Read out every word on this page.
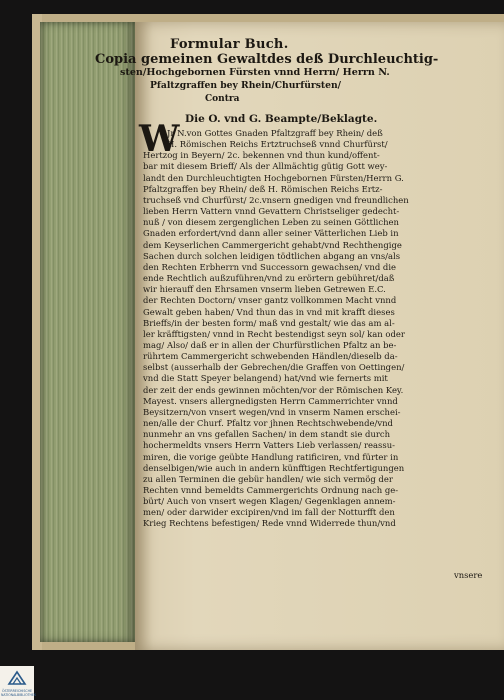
Formular Buch.
Copia gemeinen Gewaltdes deß Durchleuchtig-
sten/Hochgebornen Fürsten vnnd Herrn/ Herrn N.
Pfaltzgraffen bey Rhein/Churfürsten/
Contra
Die O. vnd G. Beampte/Beklagte.
W
Jr N.von Gottes Gnaden Pfaltzgraff bey Rhein/ deß
H. Römischen Reichs Ertztruchseß vnnd Churfürst/
Hertzog in Beyern/ 2c. bekennen vnd thun kund/offent-
bar mit diesem Brieff/ Als der Allmächtig gütig Gott wey-
landt den Durchleuchtigten Hochgebornen Fürsten/Herrn G.
Pfaltzgraffen bey Rhein/ deß H. Römischen Reichs Ertz-
truchseß vnd Churfürst/ 2c.vnsern gnedigen vnd freundlichen
lieben Herrn Vattern vnnd Gevattern Christseliger gedecht-
nuß / von diesem zergenglichen Leben zu seinen Göttlichen
Gnaden erfordert/vnd dann aller seiner Vätterlichen Lieb in
dem Keyserlichen Cammergericht gehabt/vnd Rechthengige
Sachen durch solchen leidigen tödtlichen abgang an vns/als
den Rechten Erbherrn vnd Successorn gewachsen/ vnd die
ende Rechtlich außzuführen/vnd zu erörtern gebühret/daß
wir hierauff den Ehrsamen vnserm lieben Getrewen E.C.
der Rechten Doctorn/ vnser gantz vollkommen Macht vnnd
Gewalt geben haben/ Vnd thun das in vnd mit krafft dieses
Brieffs/in der besten form/ maß vnd gestalt/ wie das am al-
ler kräfftigsten/ vnnd in Recht bestendigst seyn sol/ kan oder
mag/ Also/ daß er in allen der Churfürstlichen Pfaltz an be-
rührtem Cammergericht schwebenden Händlen/dieselb da-
selbst (ausserhalb der Gebrechen/die Graffen von Oettingen/
vnd die Statt Speyer belangend) hat/vnd wie fernerts mit
der zeit der ends gewinnen möchten/vor der Römischen Key.
Mayest. vnsers allergnedigsten Herrn Cammerrichter vnnd
Beysitzern/von vnsert wegen/vnd in vnserm Namen erschei-
nen/alle der Churf. Pfaltz vor jhnen Rechtschwebende/vnd
nunmehr an vns gefallen Sachen/ in dem standt sie durch
hochermeldts vnsers Herrn Vatters Lieb verlassen/ reassu-
miren, die vorige geübte Handlung ratificiren, vnd fürter in
denselbigen/wie auch in andern künfftigen Rechtfertigungen
zu allen Terminen die gebür handlen/ wie sich vermög der
Rechten vnnd bemeldts Cammergerichts Ordnung nach ge-
bürt/ Auch von vnsert wegen Klagen/ Gegenklagen annem-
men/ oder darwider excipiren/vnd im fall der Notturfft den
Krieg Rechtens befestigen/ Rede vnnd Widerrede thun/vnd
vnsere
ÖSTERREICHISCHE
NATIONALBIBLIOTHEK
